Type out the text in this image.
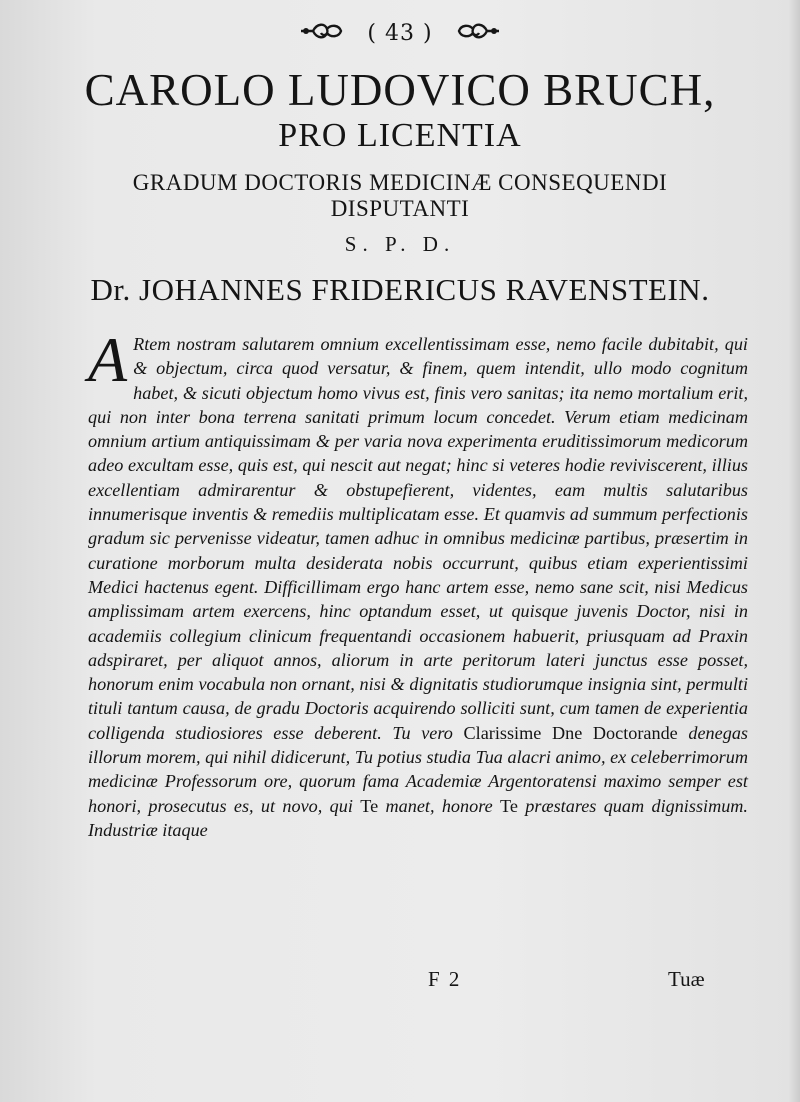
( 43 )
CAROLO LUDOVICO BRUCH,
PRO LICENTIA
GRADUM DOCTORIS MEDICINÆ CONSEQUENDI
DISPUTANTI
S. P. D.
Dr. JOHANNES FRIDERICUS RAVENSTEIN.
A Rtem nostram salutarem omnium excellentissimam esse, nemo facile dubitabit, qui & objectum, circa quod versatur, & finem, quem intendit, ullo modo cognitum habet, & sicuti objectum homo vivus est, finis vero sanitas; ita nemo mortalium erit, qui non inter bona terrena sanitati primum locum concedet. Verum etiam medicinam omnium artium antiquissimam & per varia nova experimenta eruditissimorum medicorum adeo excultam esse, quis est, qui nescit aut negat; hinc si veteres hodie reviviscerent, illius excellentiam admirarentur & obstupefierent, videntes, eam multis salutaribus innumerisque inventis & remediis multiplicatam esse. Et quamvis ad summum perfectionis gradum sic pervenisse videatur, tamen adhuc in omnibus medicinæ partibus, præsertim in curatione morborum multa desiderata nobis occurrunt, quibus etiam experientissimi Medici hactenus egent. Difficillimam ergo hanc artem esse, nemo sane scit, nisi Medicus amplissimam artem exercens, hinc optandum esset, ut quisque juvenis Doctor, nisi in academiis collegium clinicum frequentandi occasionem habuerit, priusquam ad Praxin adspiraret, per aliquot annos, aliorum in arte peritorum lateri junctus esse posset, honorum enim vocabula non ornant, nisi & dignitatis studiorumque insignia sint, permulti tituli tantum causa, de gradu Doctoris acquirendo solliciti sunt, cum tamen de experientia colligenda studiosiores esse deberent. Tu vero Clarissime Dne Doctorande denegas illorum morem, qui nihil didicerunt, Tu potius studia Tua alacri animo, ex celeberrimorum medicinæ Professorum ore, quorum fama Academiæ Argentoratensi maximo semper est honori, prosecutus es, ut novo, qui Te manet, honore Te præstares quam dignissimum. Industriæ itaque
F 2	Tuæ
